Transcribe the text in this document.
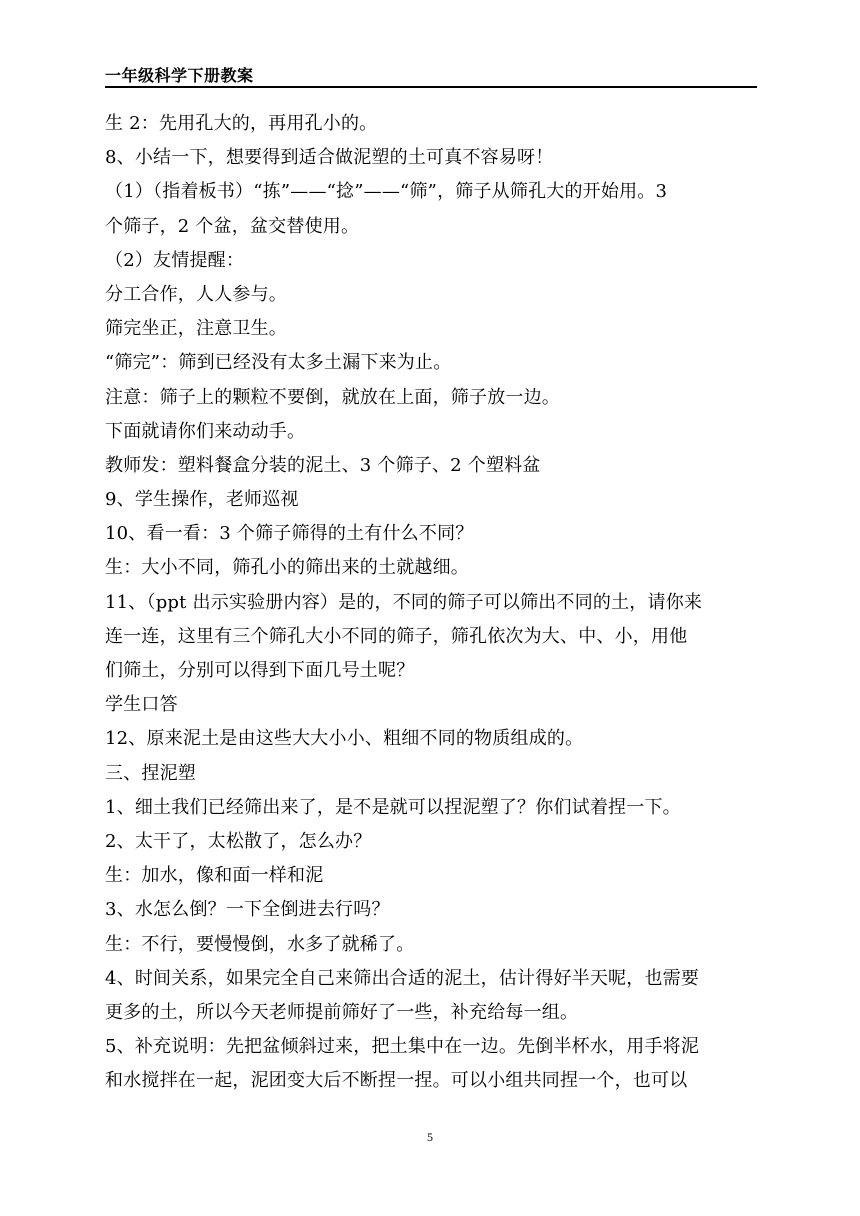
一年级科学下册教案
生 2：先用孔大的，再用孔小的。
8、小结一下，想要得到适合做泥塑的土可真不容易呀！
（1）（指着板书）“拣”——“捻”——“筛”，筛子从筛孔大的开始用。3
个筛子，2 个盆，盆交替使用。
（2）友情提醒：
分工合作，人人参与。
筛完坐正，注意卫生。
“筛完”：筛到已经没有太多土漏下来为止。
注意：筛子上的颗粒不要倒，就放在上面，筛子放一边。
下面就请你们来动动手。
教师发：塑料餐盒分装的泥土、3 个筛子、2 个塑料盆
9、学生操作，老师巡视
10、看一看：3 个筛子筛得的土有什么不同？
生：大小不同，筛孔小的筛出来的土就越细。
11、（ppt 出示实验册内容）是的，不同的筛子可以筛出不同的土，请你来
连一连，这里有三个筛孔大小不同的筛子，筛孔依次为大、中、小，用他
们筛土，分别可以得到下面几号土呢？
学生口答
12、原来泥土是由这些大大小小、粗细不同的物质组成的。
三、捏泥塑
1、细土我们已经筛出来了，是不是就可以捏泥塑了？你们试着捏一下。
2、太干了，太松散了，怎么办？
生：加水，像和面一样和泥
3、水怎么倒？一下全倒进去行吗？
生：不行，要慢慢倒，水多了就稀了。
4、时间关系，如果完全自己来筛出合适的泥土，估计得好半天呢，也需要
更多的土，所以今天老师提前筛好了一些，补充给每一组。
5、补充说明：先把盆倾斜过来，把土集中在一边。先倒半杯水，用手将泥
和水搅拌在一起，泥团变大后不断捏一捏。可以小组共同捏一个，也可以
5
